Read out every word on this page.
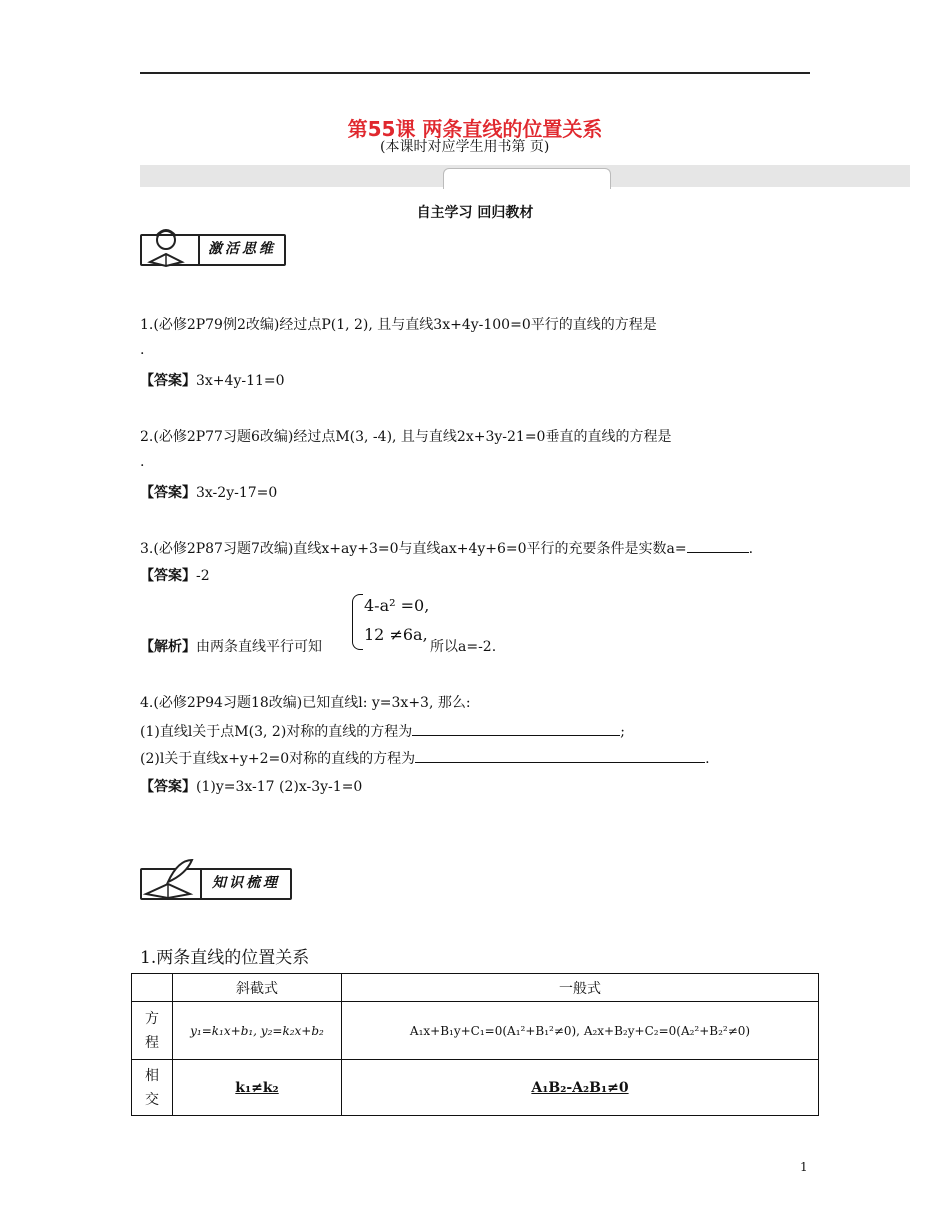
第55课 两条直线的位置关系
(本课时对应学生用书第 页)
自主学习 回归教材
激活思维
1.(必修2P79例2改编)经过点P(1, 2), 且与直线3x+4y-100=0平行的直线的方程是
.
【答案】3x+4y-11=0
2.(必修2P77习题6改编)经过点M(3, -4), 且与直线2x+3y-21=0垂直的直线的方程是
.
【答案】3x-2y-17=0
3.(必修2P87习题7改编)直线x+ay+3=0与直线ax+4y+6=0平行的充要条件是实数a=	.
【答案】-2
4-a² =0,
12 ≠6a,
【解析】由两条直线平行可知	所以a=-2.
4.(必修2P94习题18改编)已知直线l: y=3x+3, 那么:
(1)直线l关于点M(3, 2)对称的直线的方程为	;
(2)l关于直线x+y+2=0对称的直线的方程为	.
【答案】(1)y=3x-17 (2)x-3y-1=0
知识梳理
1.两条直线的位置关系
	斜截式	一般式
方程	y₁=k₁x+b₁, y₂=k₂x+b₂	A₁x+B₁y+C₁=0(A₁²+B₁²≠0), A₂x+B₂y+C₂=0(A₂²+B₂²≠0)
相交	k₁≠k₂	A₁B₂-A₂B₁≠0
1
